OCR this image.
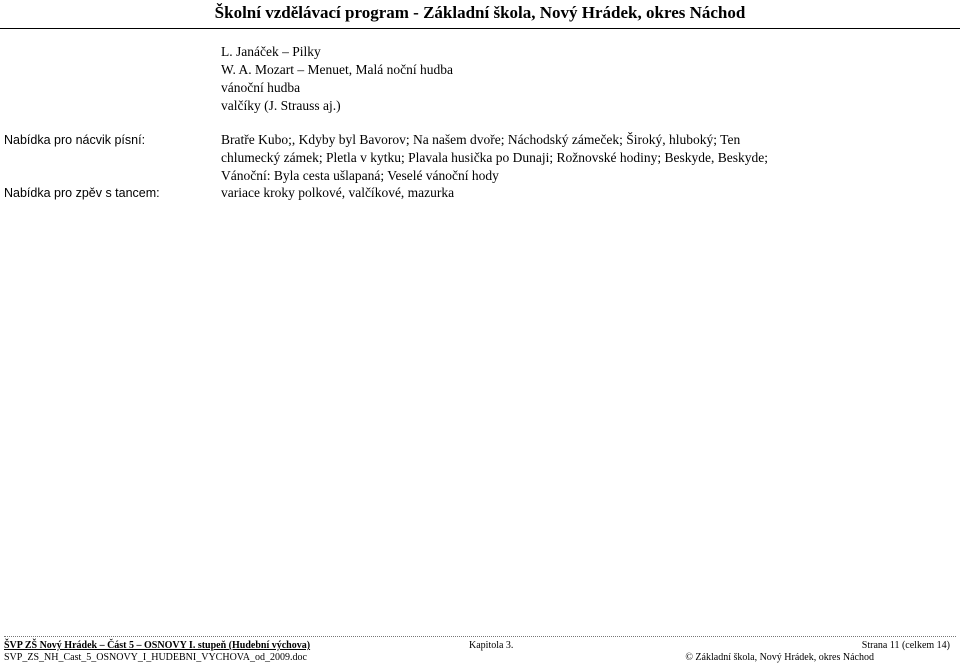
Školní vzdělávací program - Základní škola, Nový Hrádek, okres Náchod
L. Janáček – Pilky
W. A. Mozart – Menuet, Malá noční hudba
vánoční hudba
valčíky (J. Strauss aj.)
Nabídka pro nácvik písní:	Bratře Kubo;, Kdyby byl Bavorov; Na našem dvoře; Náchodský zámeček; Široký, hluboký; Ten
chlumecký zámek; Pletla v kytku; Plavala husička po Dunaji; Rožnovské hodiny; Beskyde, Beskyde;
Vánoční: Byla cesta ušlapaná; Veselé vánoční hody
Nabídka pro zpěv s tancem:	variace kroky polkové, valčíkové, mazurka
ŠVP ZŠ Nový Hrádek – Část 5 – OSNOVY I. stupeň (Hudební výchova)
SVP_ZS_NH_Cast_5_OSNOVY_I_HUDEBNI_VYCHOVA_od_2009.doc
Kapitola 3.	Strana 11 (celkem 14)
© Základní škola, Nový Hrádek, okres Náchod
